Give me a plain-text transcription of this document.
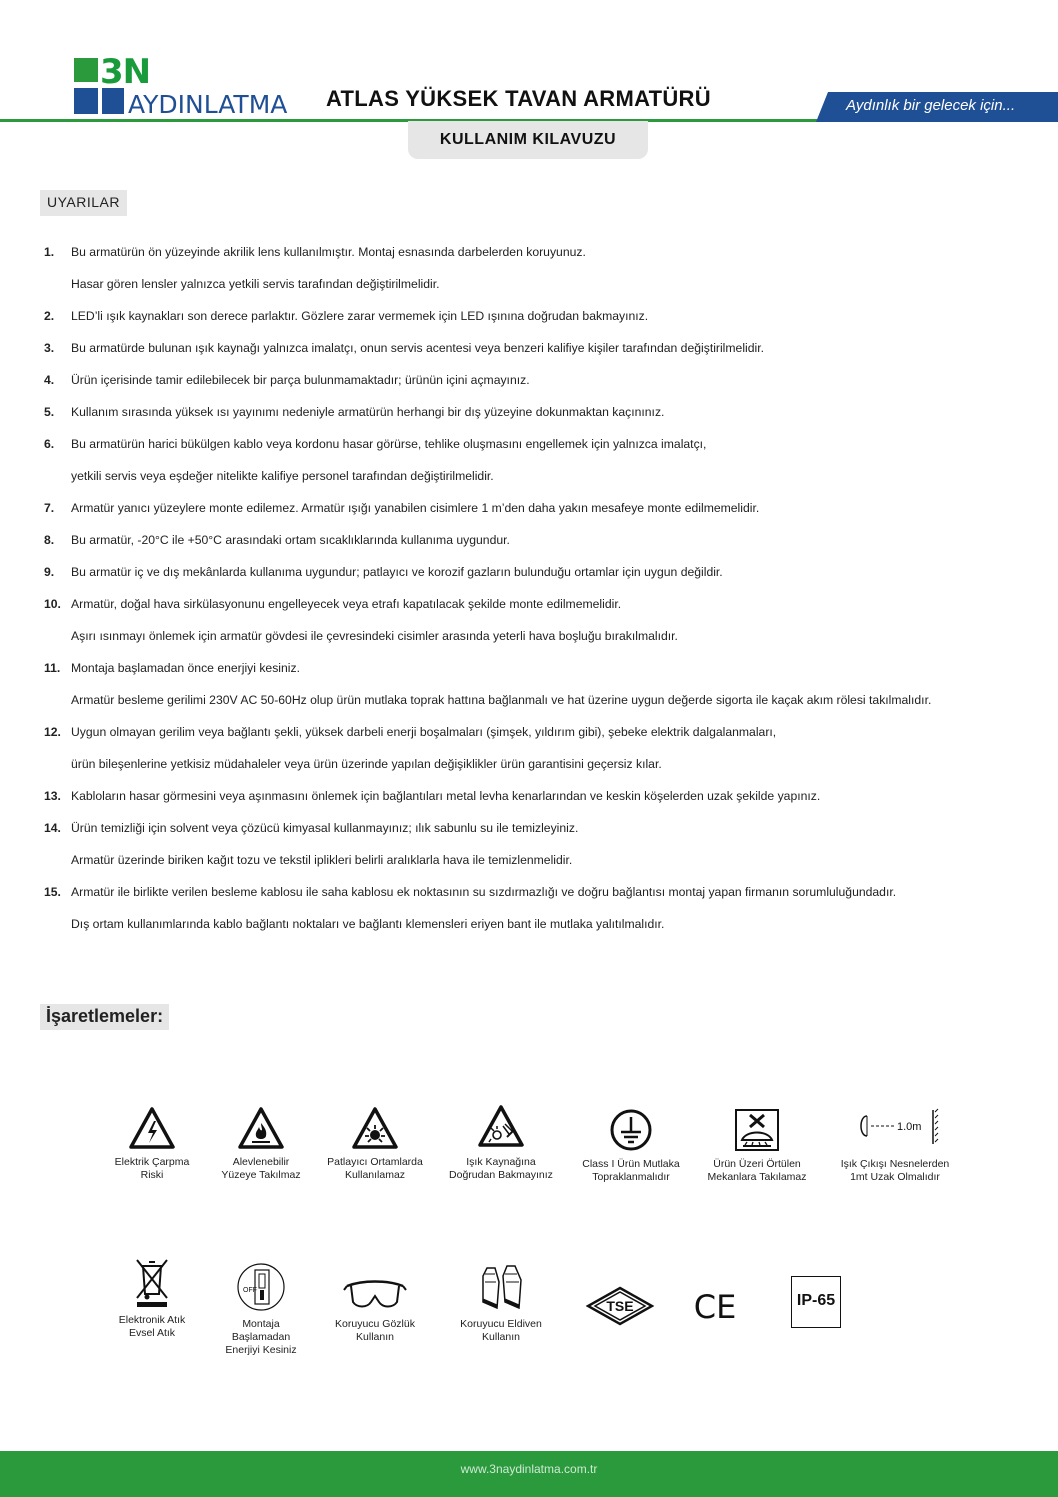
3N
AYDINLATMA ATLAS YÜKSEK TAVAN ARMATÜRÜ	Aydınlık bir gelecek için...
KULLANIM KILAVUZU
UYARILAR
1.	Bu armatürün ön yüzeyinde akrilik lens kullanılmıştır. Montaj esnasında darbelerden koruyunuz.
Hasar gören lensler yalnızca yetkili servis tarafından değiştirilmelidir.
2.	LED’li ışık kaynakları son derece parlaktır. Gözlere zarar vermemek için LED ışınına doğrudan bakmayınız.
3.	Bu armatürde bulunan ışık kaynağı yalnızca imalatçı, onun servis acentesi veya benzeri kalifiye kişiler tarafından değiştirilmelidir.
4.	Ürün içerisinde tamir edilebilecek bir parça bulunmamaktadır; ürünün içini açmayınız.
5.	Kullanım sırasında yüksek ısı yayınımı nedeniyle armatürün herhangi bir dış yüzeyine dokunmaktan kaçınınız.
6.	Bu armatürün harici bükülgen kablo veya kordonu hasar görürse, tehlike oluşmasını engellemek için yalnızca imalatçı,
yetkili servis veya eşdeğer nitelikte kalifiye personel tarafından değiştirilmelidir.
7.	Armatür yanıcı yüzeylere monte edilemez. Armatür ışığı yanabilen cisimlere 1 m’den daha yakın mesafeye monte edilmemelidir.
8.	Bu armatür, -20°C ile +50°C arasındaki ortam sıcaklıklarında kullanıma uygundur.
9.	Bu armatür iç ve dış mekânlarda kullanıma uygundur; patlayıcı ve korozif gazların bulunduğu ortamlar için uygun değildir.
10. Armatür, doğal hava sirkülasyonunu engelleyecek veya etrafı kapatılacak şekilde monte edilmemelidir.
Aşırı ısınmayı önlemek için armatür gövdesi ile çevresindeki cisimler arasında yeterli hava boşluğu bırakılmalıdır.
11. Montaja başlamadan önce enerjiyi kesiniz.
Armatür besleme gerilimi 230V AC 50-60Hz olup ürün mutlaka toprak hattına bağlanmalı ve hat üzerine uygun değerde sigorta ile kaçak akım rölesi takılmalıdır.
12. Uygun olmayan gerilim veya bağlantı şekli, yüksek darbeli enerji boşalmaları (şimşek, yıldırım gibi), şebeke elektrik dalgalanmaları,
ürün bileşenlerine yetkisiz müdahaleler veya ürün üzerinde yapılan değişiklikler ürün garantisini geçersiz kılar.
13. Kabloların hasar görmesini veya aşınmasını önlemek için bağlantıları metal levha kenarlarından ve keskin köşelerden uzak şekilde yapınız.
14. Ürün temizliği için solvent veya çözücü kimyasal kullanmayınız; ılık sabunlu su ile temizleyiniz.
Armatür üzerinde biriken kağıt tozu ve tekstil iplikleri belirli aralıklarla hava ile temizlenmelidir.
15. Armatür ile birlikte verilen besleme kablosu ile saha kablosu ek noktasının su sızdırmazlığı ve doğru bağlantısı montaj yapan firmanın sorumluluğundadır.
Dış ortam kullanımlarında kablo bağlantı noktaları ve bağlantı klemensleri eriyen bant ile mutlaka yalıtılmalıdır.
İşaretlemeler:
Elektrik Çarpma
Riski
Alevlenebilir
Yüzeye Takılmaz
Patlayıcı Ortamlarda
Kullanılamaz
Işık Kaynağına
Doğrudan Bakmayınız
Class I Ürün Mutlaka
Topraklanmalıdır
Ürün Üzeri Örtülen
Mekanlara Takılamaz
1.0m
Işık Çıkışı Nesnelerden
1mt Uzak Olmalıdır
Elektronik Atık
Evsel Atık
OFF
Montaja
Başlamadan
Enerjiyi Kesiniz
Koruyucu Gözlük
Kullanın
Koruyucu Eldiven
Kullanın
TSE CE	IP-65
www.3naydinlatma.com.tr
